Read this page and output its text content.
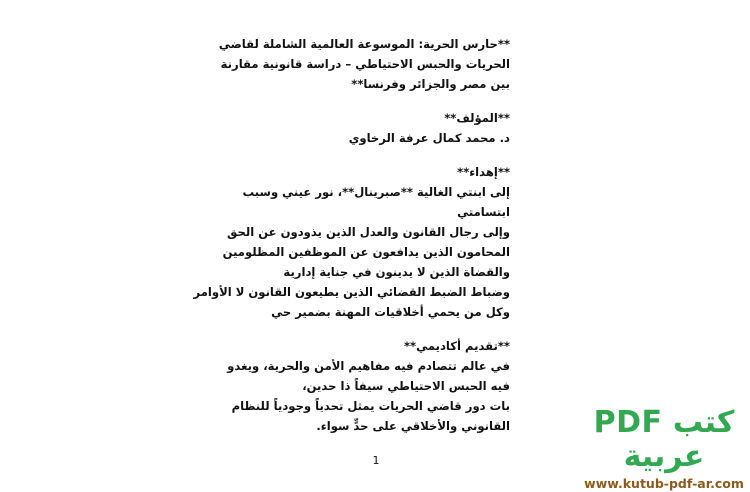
**حارس الحرية: الموسوعة العالمية الشاملة لقاضي
الحريات والحبس الاحتياطي – دراسة قانونية مقارنة
بين مصر والجزائر وفرنسا**
**المؤلف**
د. محمد كمال عرفة الرخاوي
**إهداء**
إلى ابنتي الغالية **صبرينال**، نور عيني وسبب
ابتسامتي
وإلى رجال القانون والعدل الذين يذودون عن الحق
المحامون الذين يدافعون عن الموظفين المظلومين
والقضاة الذين لا يدينون في جناية إدارية
وضباط الضبط القضائي الذين يطيعون القانون لا الأوامر
وكل من يحمي أخلاقيات المهنة بضمير حي
**تقديم أكاديمي**
في عالم تتصادم فيه مفاهيم الأمن والحرية، ويغدو
فيه الحبس الاحتياطي سيفاً ذا حدين،
بات دور قاضي الحريات يمثل تحدياً وجودياً للنظام
القانوني والأخلاقي على حدٍّ سواء.
1
كتب PDF عربية
www.kutub-pdf-ar.com
